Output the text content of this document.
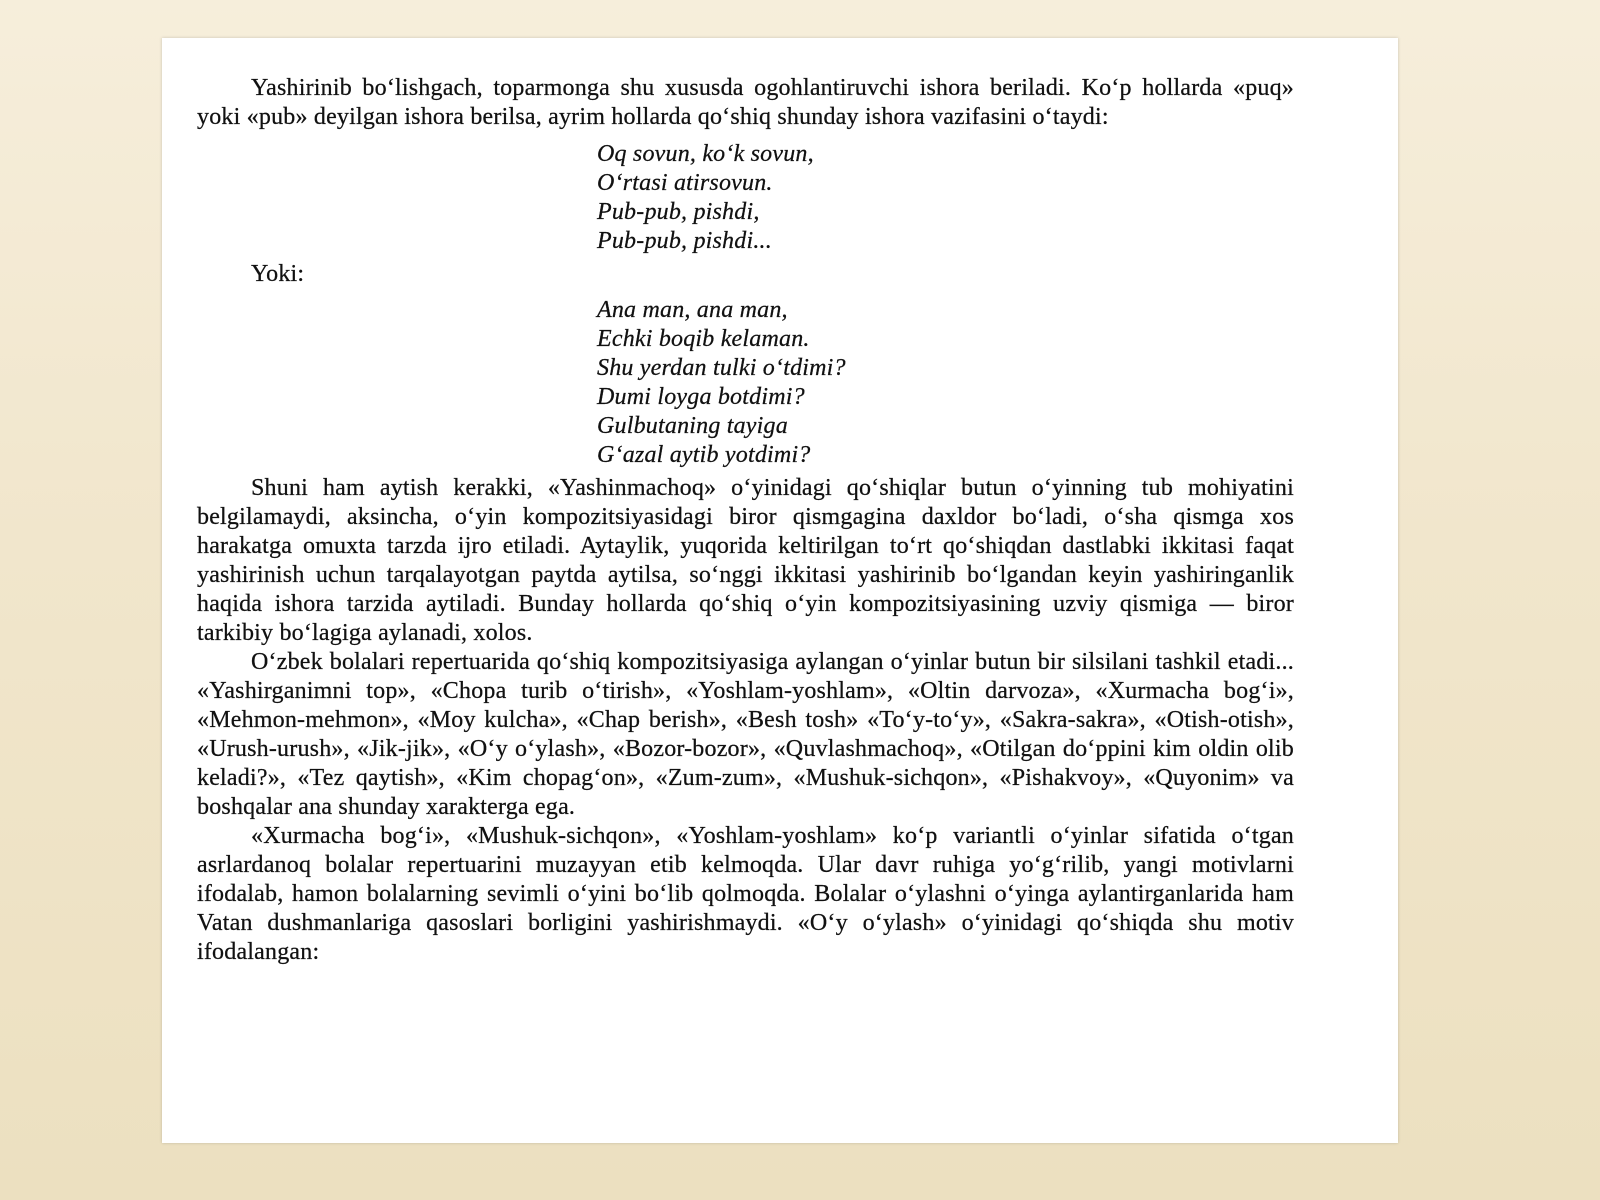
Yashirinib bo‘lishgach, toparmonga shu xususda ogohlantiruvchi ishora beriladi. Ko‘p hollarda «puq» yoki «pub» deyilgan ishora berilsa, ayrim hollarda qo‘shiq shunday ishora vazifasini o‘taydi:

Oq sovun, ko‘k sovun,
O‘rtasi atirsovun.
Pub-pub, pishdi,
Pub-pub, pishdi...

Yoki:

Ana man, ana man,
Echki boqib kelaman.
Shu yerdan tulki o‘tdimi?
Dumi loyga botdimi?
Gulbutaning tayiga
G‘azal aytib yotdimi?

Shuni ham aytish kerakki, «Yashinmachoq» o‘yinidagi qo‘shiqlar butun o‘yinning tub mohiyatini belgilamaydi, aksincha, o‘yin kompozitsiyasidagi biror qismgagina daxldor bo‘ladi, o‘sha qismga xos harakatga omuxta tarzda ijro etiladi. Aytaylik, yuqorida keltirilgan to‘rt qo‘shiqdan dastlabki ikkitasi faqat yashirinish uchun tarqalayotgan paytda aytilsa, so‘nggi ikkitasi yashirinib bo‘lgandan keyin yashiringanlik haqida ishora tarzida aytiladi. Bunday hollarda qo‘shiq o‘yin kompozitsiyasining uzviy qismiga — biror tarkibiy bo‘lagiga aylanadi, xolos.

O‘zbek bolalari repertuarida qo‘shiq kompozitsiyasiga aylangan o‘yinlar butun bir silsilani tashkil etadi... «Yashirganimni top», «Chopa turib o‘tirish», «Yoshlam-yoshlam», «Oltin darvoza», «Xurmacha bog‘i», «Mehmon-mehmon», «Moy kulcha», «Chap berish», «Besh tosh» «To‘y-to‘y», «Sakra-sakra», «Otish-otish», «Urush-urush», «Jik-jik», «O‘y o‘ylash», «Bozor-bozor», «Quvlashmachoq», «Otilgan do‘ppini kim oldin olib keladi?», «Tez qaytish», «Kim chopag‘on», «Zum-zum», «Mushuk-sichqon», «Pishakvoy», «Quyonim» va boshqalar ana shunday xarakterga ega.

«Xurmacha bog‘i», «Mushuk-sichqon», «Yoshlam-yoshlam» ko‘p variantli o‘yinlar sifatida o‘tgan asrlardanoq bolalar repertuarini muzayyan etib kelmoqda. Ular davr ruhiga yo‘g‘rilib, yangi motivlarni ifodalab, hamon bolalarning sevimli o‘yini bo‘lib qolmoqda. Bolalar o‘ylashni o‘yinga aylantirganlarida ham Vatan dushmanlariga qasoslari borligini yashirishmaydi. «O‘y o‘ylash» o‘yinidagi qo‘shiqda shu motiv ifodalangan:
